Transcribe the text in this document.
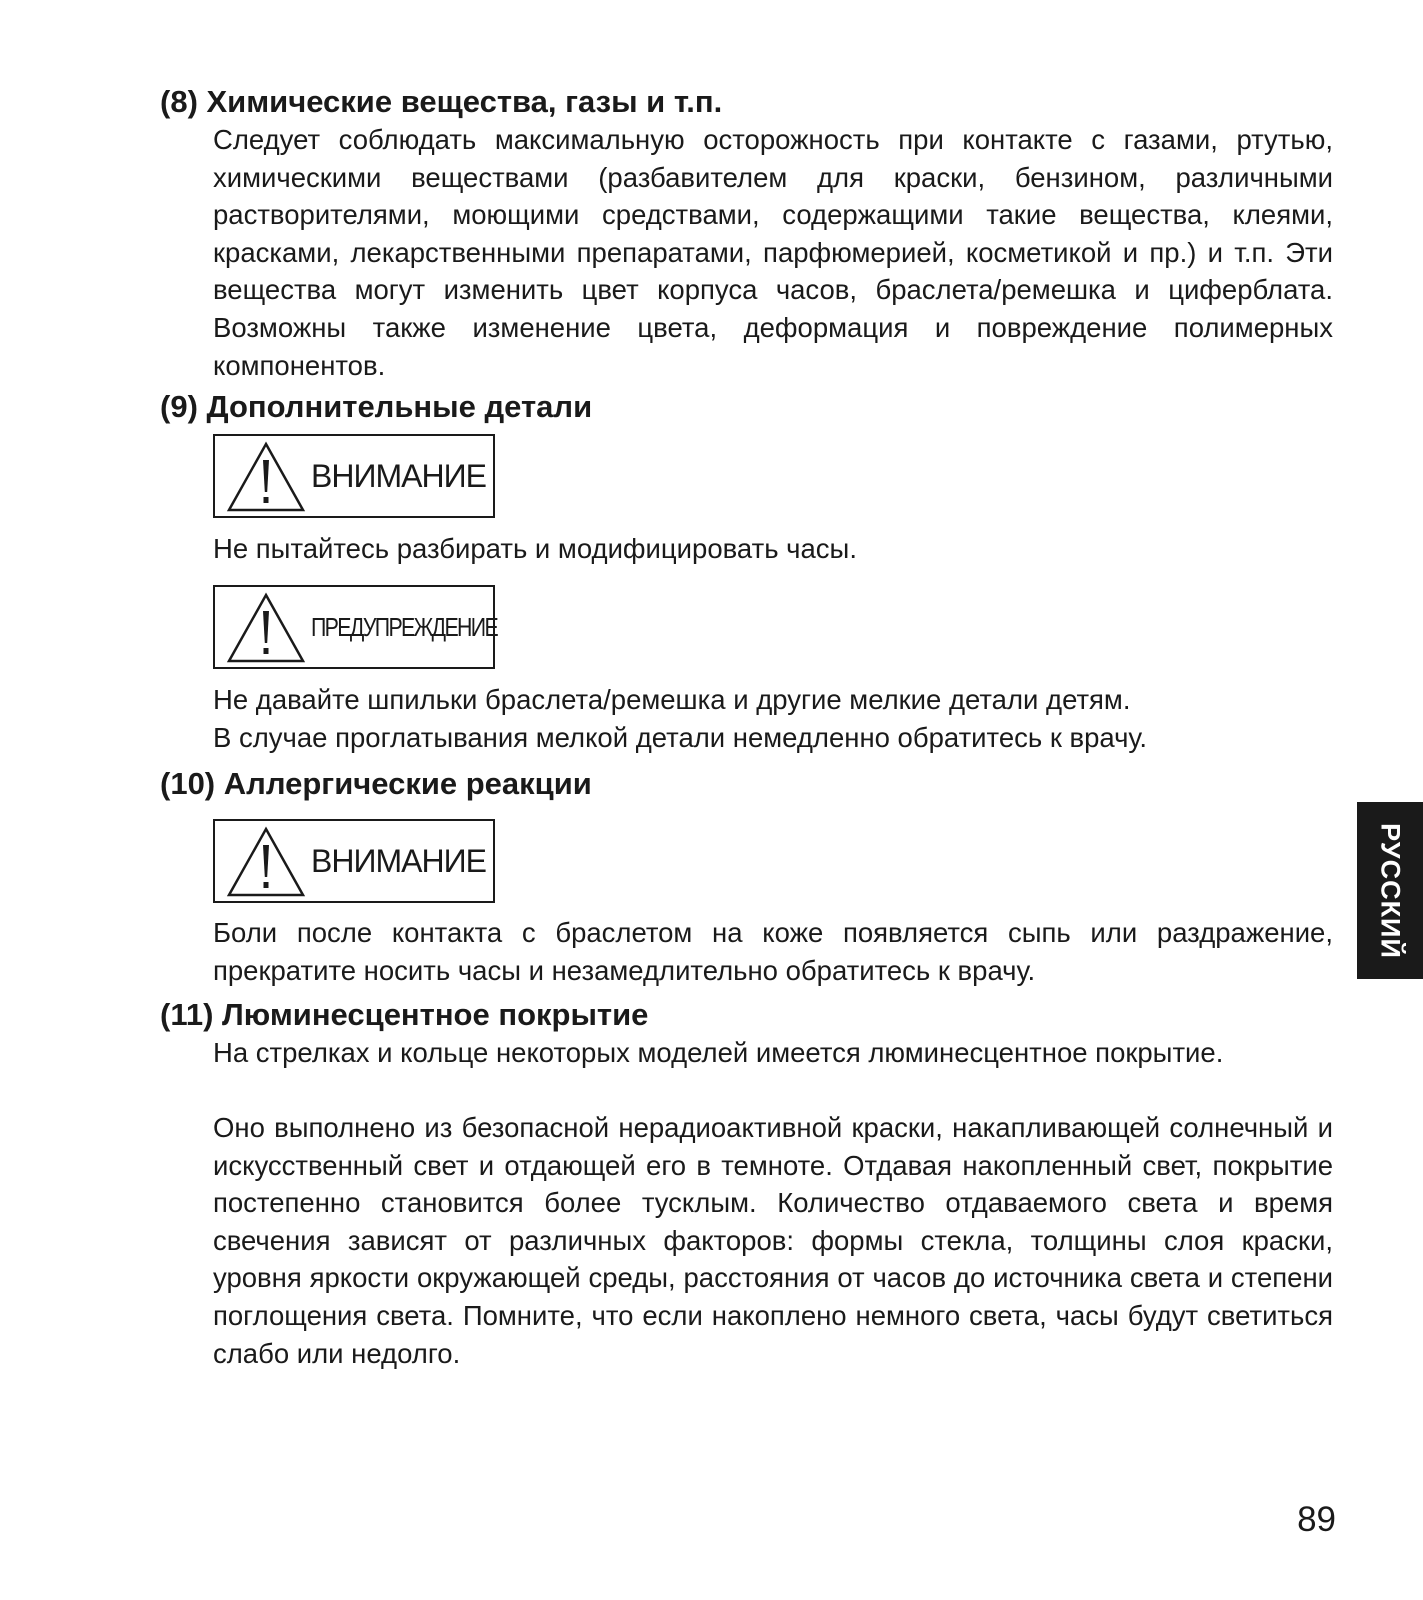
(8) Химические вещества, газы и т.п.

Следует соблюдать максимальную осторожность при контакте с газами, ртутью, химическими веществами (разбавителем для краски, бензином, различными растворителями, моющими средствами, содержащими такие вещества, клеями, красками, лекарственными препаратами, парфюмерией, косметикой и пр.) и т.п. Эти вещества могут изменить цвет корпуса часов, браслета/ремешка и циферблата. Возможны также изменение цвета, деформация и повреждение полимерных компонентов.

(9) Дополнительные детали
ВНИМАНИЕ

Не пытайтесь разбирать и модифицировать часы.

ПРЕДУПРЕЖДЕНИЕ

Не давайте шпильки браслета/ремешка и другие мелкие детали детям.

В случае проглатывания мелкой детали немедленно обратитесь к врачу.

(10) Аллергические реакции
ВНИМАНИЕ

Боли после контакта с браслетом на коже появляется сыпь или раздражение, прекратите носить часы и незамедлительно обратитесь к врачу.

(11) Люминесцентное покрытие

На стрелках и кольце некоторых моделей имеется люминесцентное покрытие.

Оно выполнено из безопасной нерадиоактивной краски, накапливающей солнечный и искусственный свет и отдающей его в темноте. Отдавая накопленный свет, покрытие постепенно становится более тусклым. Количество отдаваемого света и время свечения зависят от различных факторов: формы стекла, толщины слоя краски, уровня яркости окружающей среды, расстояния от часов до источника света и степени поглощения света. Помните, что если накоплено немного света, часы будут светиться слабо или недолго.

РУССКИЙ
89
